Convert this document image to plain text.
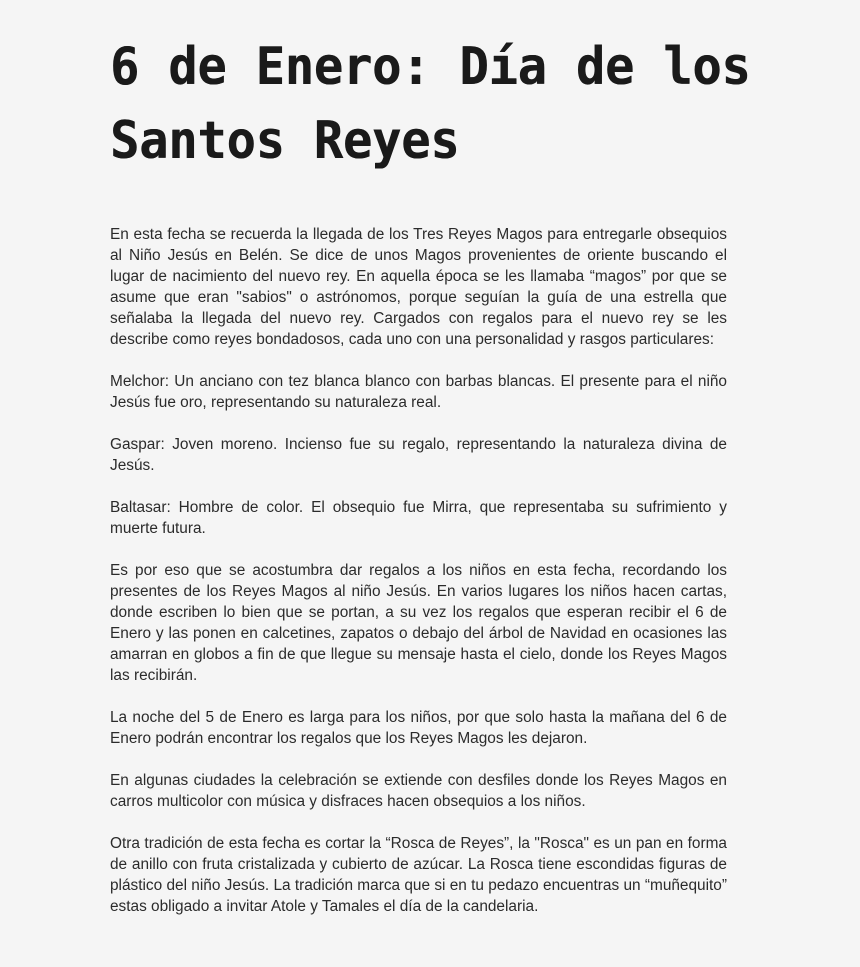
6 de Enero: Día de los Santos Reyes

En esta fecha se recuerda la llegada de los Tres Reyes Magos para entregarle obsequios al Niño Jesús en Belén. Se dice de unos Magos provenientes de oriente buscando el lugar de nacimiento del nuevo rey. En aquella época se les llamaba “magos” por que se asume que eran "sabios" o astrónomos, porque seguían la guía de una estrella que señalaba la llegada del nuevo rey. Cargados con regalos para el nuevo rey se les describe como reyes bondadosos, cada uno con una personalidad y rasgos particulares:

Melchor: Un anciano con tez blanca blanco con barbas blancas. El presente para el niño Jesús fue oro, representando su naturaleza real.

Gaspar: Joven moreno. Incienso fue su regalo, representando la naturaleza divina de Jesús.

Baltasar: Hombre de color. El obsequio fue Mirra, que representaba su sufrimiento y muerte futura.

Es por eso que se acostumbra dar regalos a los niños en esta fecha, recordando los presentes de los Reyes Magos al niño Jesús. En varios lugares los niños hacen cartas, donde escriben lo bien que se portan, a su vez los regalos que esperan recibir el 6 de Enero y las ponen en calcetines, zapatos o debajo del árbol de Navidad en ocasiones las amarran en globos a fin de que llegue su mensaje hasta el cielo, donde los Reyes Magos las recibirán.

La noche del 5 de Enero es larga para los niños, por que solo hasta la mañana del 6 de Enero podrán encontrar los regalos que los Reyes Magos les dejaron.

En algunas ciudades la celebración se extiende con desfiles donde los Reyes Magos en carros multicolor con música y disfraces hacen obsequios a los niños.

Otra tradición de esta fecha es cortar la “Rosca de Reyes”, la "Rosca" es un pan en forma de anillo con fruta cristalizada y cubierto de azúcar. La Rosca tiene escondidas figuras de plástico del niño Jesús. La tradición marca que si en tu pedazo encuentras un “muñequito” estas obligado a invitar Atole y Tamales el día de la candelaria.
